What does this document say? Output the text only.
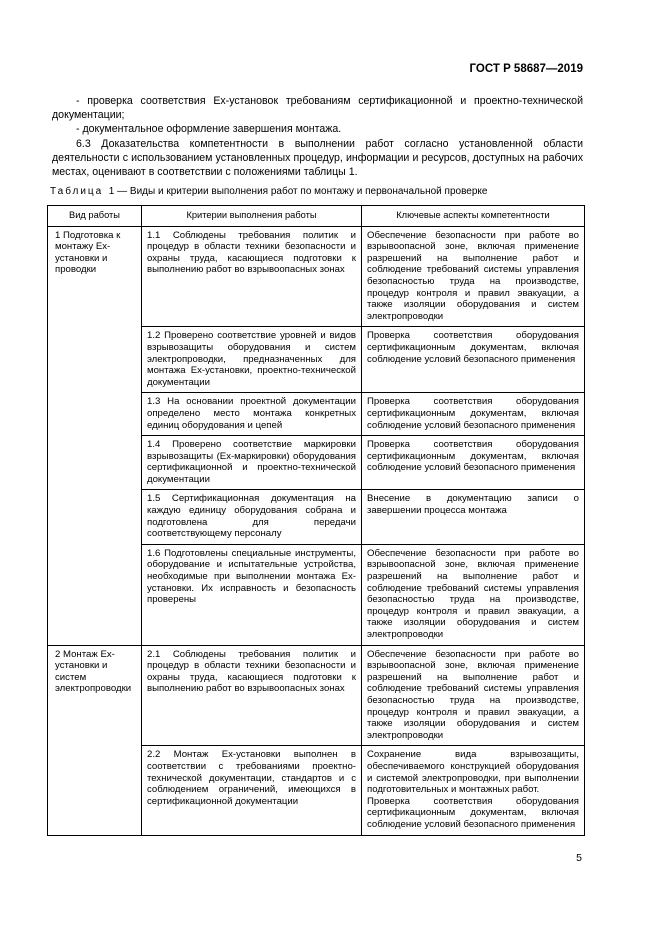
ГОСТ Р 58687—2019

- проверка соответствия Ex-установок требованиям сертификационной и проектно-технической документации;

- документальное оформление завершения монтажа.

6.3 Доказательства компетентности в выполнении работ согласно установленной области деятельности с использованием установленных процедур, информации и ресурсов, доступных на рабочих местах, оценивают в соответствии с положениями таблицы 1.

Таблица 1 — Виды и критерии выполнения работ по монтажу и первоначальной проверке
Вид работы	Критерии выполнения работы	Ключевые аспекты компетентности
1 Подготовка к монтажу Ex-установки и проводки	1.1 Соблюдены требования политик и процедур в области техники безопасности и охраны труда, касающиеся подготовки к выполнению работ во взрывоопасных зонах	Обеспечение безопасности при работе во взрывоопасной зоне, включая применение разрешений на выполнение работ и соблюдение требований системы управления безопасностью труда на производстве, процедур контроля и правил эвакуации, а также изоляции оборудования и систем электропроводки
	1.2 Проверено соответствие уровней и видов взрывозащиты оборудования и систем электропроводки, предназначенных для монтажа Ex-установки, проектно-технической документации	Проверка соответствия оборудования сертификационным документам, включая соблюдение условий безопасного применения
	1.3 На основании проектной документации определено место монтажа конкретных единиц оборудования и цепей	Проверка соответствия оборудования сертификационным документам, включая соблюдение условий безопасного применения
	1.4 Проверено соответствие маркировки взрывозащиты (Ex-маркировки) оборудования сертификационной и проектно-технической документации	Проверка соответствия оборудования сертификационным документам, включая соблюдение условий безопасного применения
	1.5 Сертификационная документация на каждую единицу оборудования собрана и подготовлена для передачи соответствующему персоналу	Внесение в документацию записи о завершении процесса монтажа
	1.6 Подготовлены специальные инструменты, оборудование и испытательные устройства, необходимые при выполнении монтажа Ex-установки. Их исправность и безопасность проверены	Обеспечение безопасности при работе во взрывоопасной зоне, включая применение разрешений на выполнение работ и соблюдение требований системы управления безопасностью труда на производстве, процедур контроля и правил эвакуации, а также изоляции оборудования и систем электропроводки
2 Монтаж Ex-установки и систем электропроводки	2.1 Соблюдены требования политик и процедур в области техники безопасности и охраны труда, касающиеся подготовки к выполнению работ во взрывоопасных зонах	Обеспечение безопасности при работе во взрывоопасной зоне, включая применение разрешений на выполнение работ и соблюдение требований системы управления безопасностью труда на производстве, процедур контроля и правил эвакуации, а также изоляции оборудования и систем электропроводки
	2.2 Монтаж Ex-установки выполнен в соответствии с требованиями проектно-технической документации, стандартов и с соблюдением ограничений, имеющихся в сертификационной документации	Сохранение вида взрывозащиты, обеспечиваемого конструкцией оборудования и системой электропроводки, при выполнении подготовительных и монтажных работ.
Проверка соответствия оборудования сертификационным документам, включая соблюдение условий безопасного применения
5
